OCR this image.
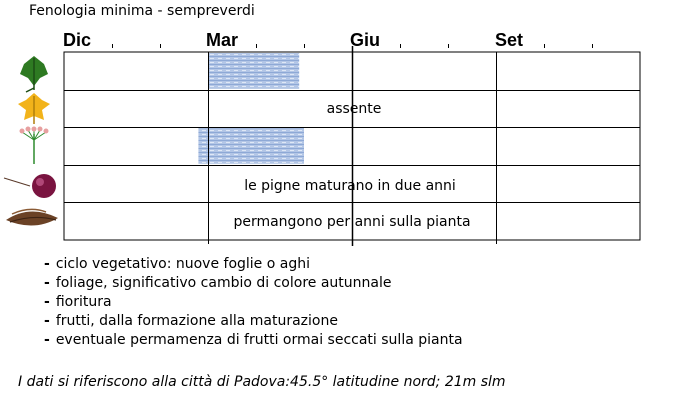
Fenologia minima - sempreverdi
Dic	Mar	Giu	Set
assente
le pigne maturano in due anni
permangono per anni sulla pianta
- ciclo vegetativo: nuove foglie o aghi
- foliage, significativo cambio di colore autunnale
- fioritura
- frutti, dalla formazione alla maturazione
- eventuale permamenza di frutti ormai seccati sulla pianta
I dati si riferiscono alla città di Padova:45.5° latitudine nord; 21m slm
